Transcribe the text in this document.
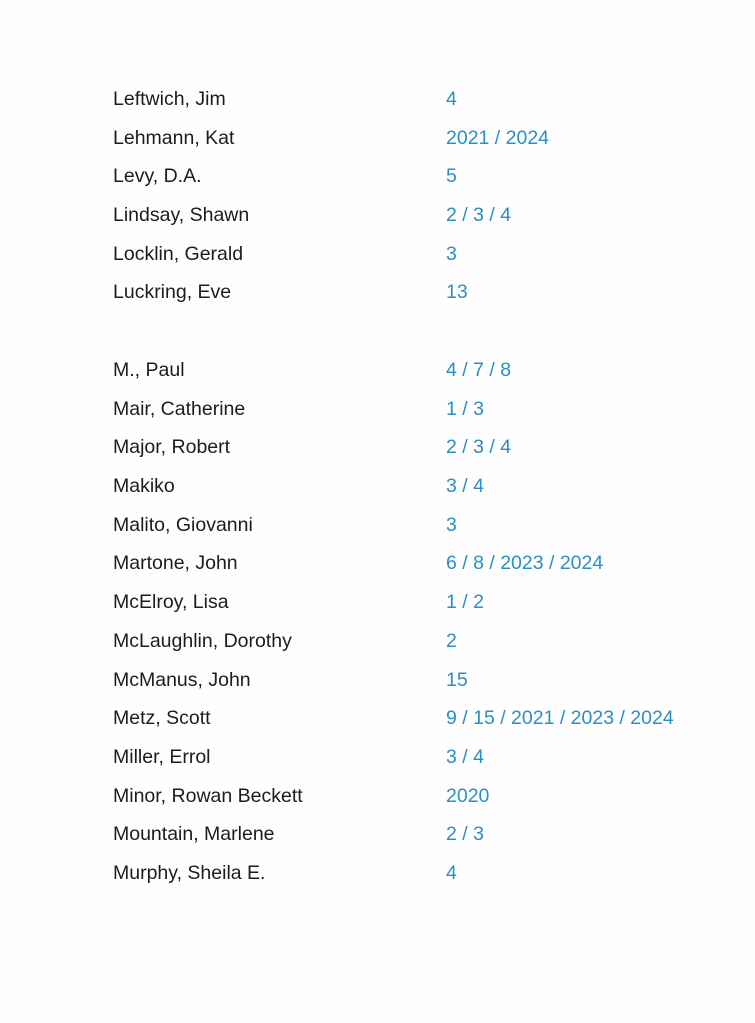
Leftwich, Jim	4
Lehmann, Kat	2021 / 2024
Levy, D.A.	5
Lindsay, Shawn	2 / 3 / 4
Locklin, Gerald	3
Luckring, Eve	13
M., Paul	4 / 7 / 8
Mair, Catherine	1 / 3
Major, Robert	2 / 3 / 4
Makiko	3 / 4
Malito, Giovanni	3
Martone, John	6 / 8 / 2023 / 2024
McElroy, Lisa	1 / 2
McLaughlin, Dorothy	2
McManus, John	15
Metz, Scott	9 / 15 / 2021 / 2023 / 2024
Miller, Errol	3 / 4
Minor, Rowan Beckett	2020
Mountain, Marlene	2 / 3
Murphy, Sheila E.	4
